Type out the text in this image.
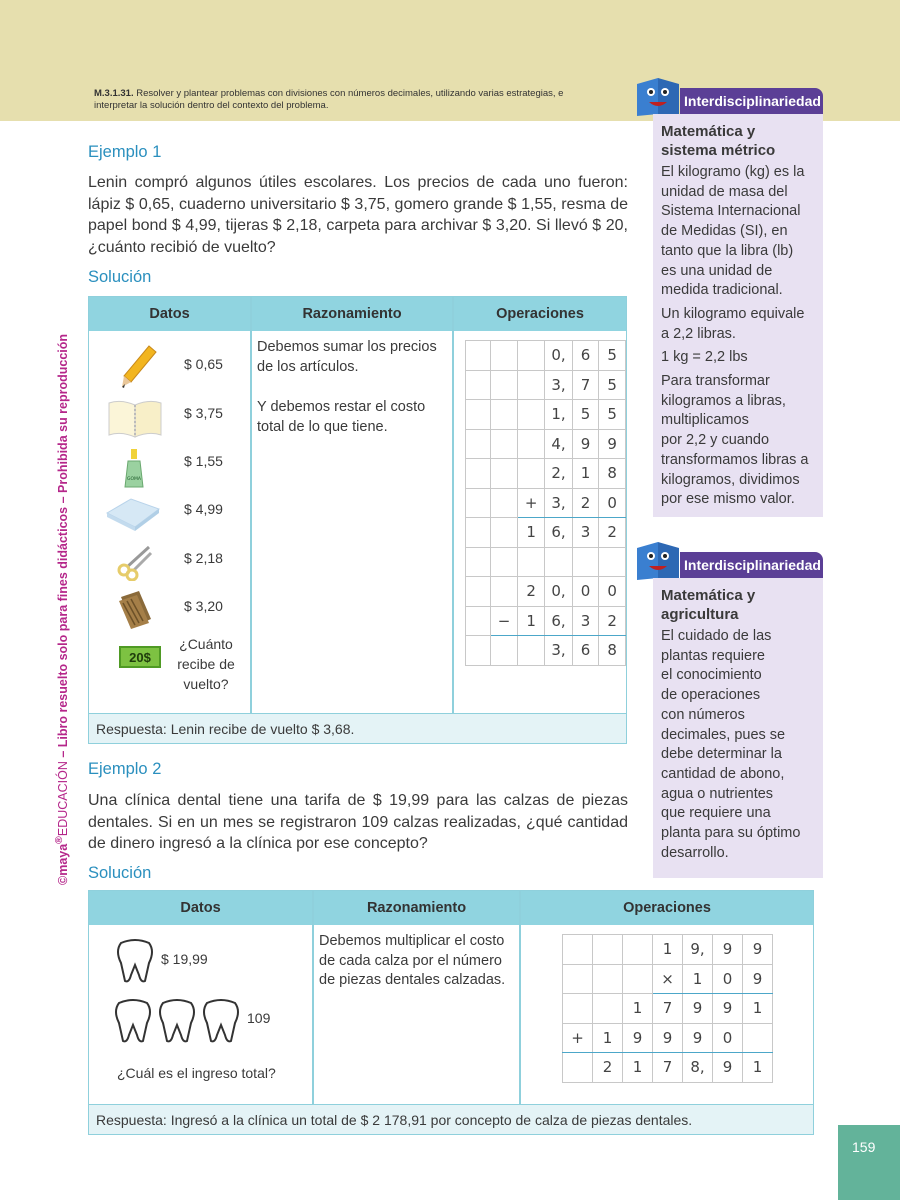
M.3.1.31. Resolver y plantear problemas con divisiones con números decimales, utilizando varias estrategias, e interpretar la solución dentro del contexto del problema.
©maya®EDUCACIÓN – Libro resuelto solo para fines didácticos – Prohibida su reproducción
Ejemplo 1
Lenin compró algunos útiles escolares. Los precios de cada uno fueron: lápiz $ 0,65, cuaderno universitario $ 3,75, gomero grande $ 1,55, resma de papel bond $ 4,99, tijeras $ 2,18, carpeta para archivar $ 3,20. Si llevó $ 20, ¿cuánto recibió de vuelto?
Solución
Datos	Razonamiento	Operaciones
GOMA
20$
$ 0,65
$ 3,75
$ 1,55
$ 4,99
$ 2,18
$ 3,20
¿Cuánto
recibe de
vuelto?
Debemos sumar los precios de los artículos.
Y debemos restar el costo total de lo que tiene.
			0,	6	5
			3,	7	5
			1,	5	5
			4,	9	9
			2,	1	8
		+	3,	2	0
		1	6,	3	2

		2	0,	0	0
	−	1	6,	3	2
			3,	6	8
Respuesta: Lenin recibe de vuelto $ 3,68.
Ejemplo 2
Una clínica dental tiene una tarifa de $ 19,99 para las calzas de piezas dentales. Si en un mes se registraron 109 calzas realizadas, ¿qué cantidad de dinero ingresó a la clínica por ese concepto?
Solución
Datos	Razonamiento	Operaciones
$ 19,99
109
¿Cuál es el ingreso total?
Debemos multiplicar el costo de cada calza por el número de piezas dentales calzadas.
			1	9,	9	9
			×	1	0	9
		1	7	9	9	1
+	1	9	9	9	0	
	2	1	7	8,	9	1
Respuesta: Ingresó a la clínica un total de $ 2 178,91 por concepto de calza de piezas dentales.
Interdisciplinariedad
Matemática y sistema métrico
El kilogramo (kg) es la
unidad de masa del
Sistema Internacional
de Medidas (SI), en
tanto que la libra (lb)
es una unidad de
medida tradicional.
Un kilogramo equivale
a 2,2 libras.
1 kg = 2,2 lbs
Para transformar
kilogramos a libras,
multiplicamos
por 2,2 y cuando
transformamos libras a
kilogramos, dividimos
por ese mismo valor.
Interdisciplinariedad
Matemática y agricultura
El cuidado de las
plantas requiere
el conocimiento
de operaciones
con números
decimales, pues se
debe determinar la
cantidad de abono,
agua o nutrientes
que requiere una
planta para su óptimo
desarrollo.
159
